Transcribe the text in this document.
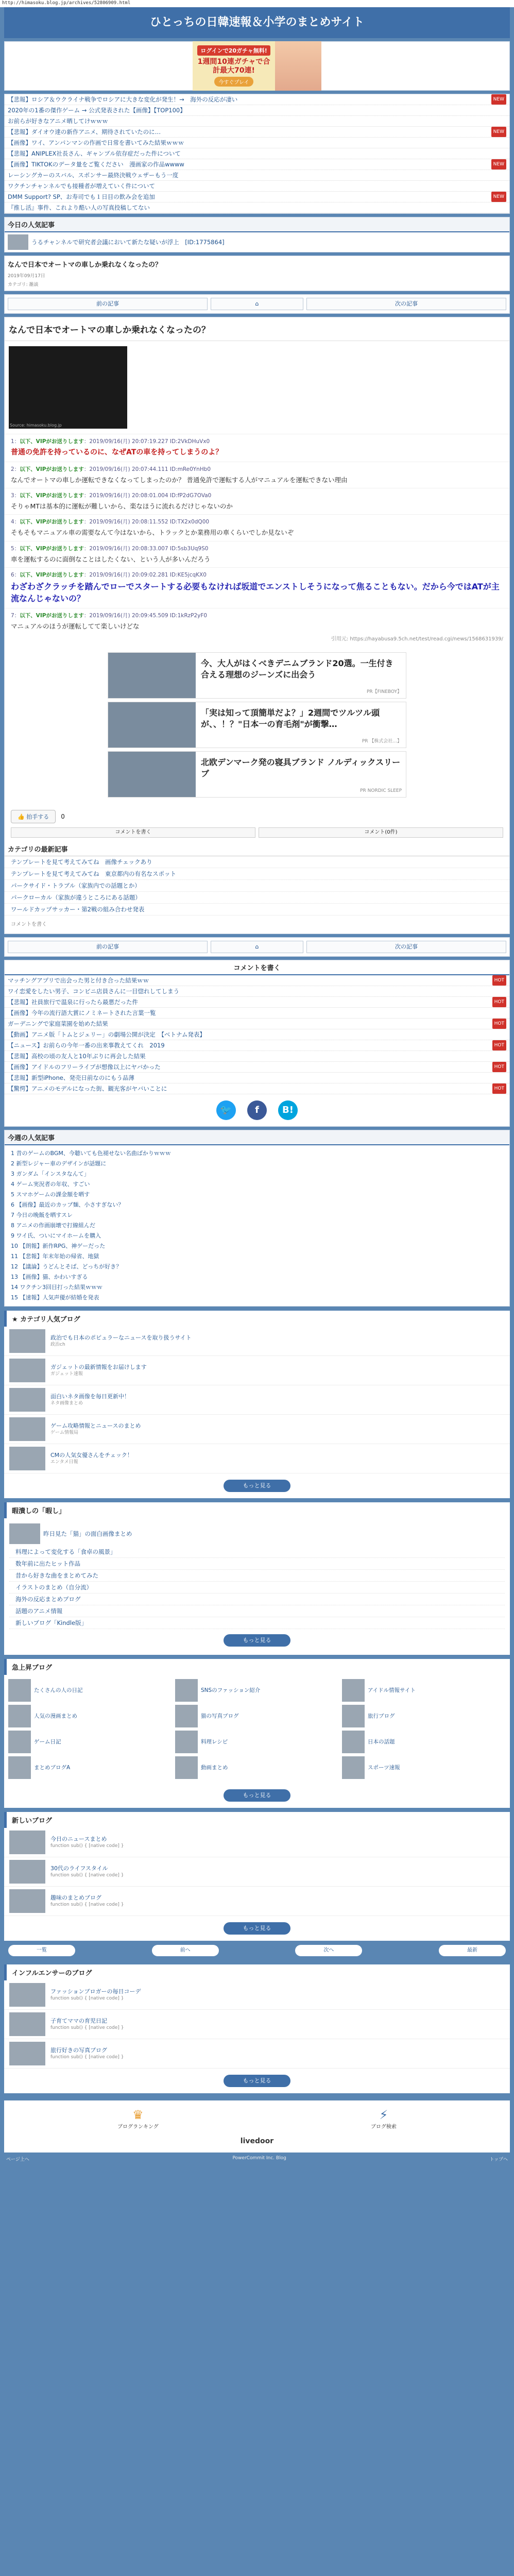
http://himasoku.blog.jp/archives/52806909.html
ひとっちの日韓速報＆小学のまとめサイト
ログインで20ガチャ無料!
1週間10連ガチャで合計最大70連!
今すぐプレイ
【悲報】ロシア＆ウクライナ戦争でロシアに大きな変化が発生！→　海外の反応が凄い	NEW
2020年の1番の傑作ゲーム → 公式発表された【画像】【TOP100】
お前らが好きなアニメ晒してけｗｗｗ
【悲報】ダイオウ達の新作アニメ、期待されていたのに…	NEW
【画像】ワイ、アンパンマンの作画で日常を書いてみた結果ｗｗｗ
【悲報】ANIPLEX社長さん、ギャンブル依存症だった件について
【画像】TIKTOKのデータ量をご覧ください　漫画家の作品wwww	NEW
レーシングカーのスバル、スポンサー最終決戦ウェザーもう一度
ワクチンチャンネルでも接種者が増えていく件について
DMM Support? SP、お寿司でも１日目の飲み会を追加	NEW
『推し活』事件、これより酷い人の写真投稿してない
今日の人気記事
うるチャンネルで研究者会議において新たな疑いが浮上　[ID:1775864]
なんで日本でオートマの車しか乗れなくなったの？
2019年09月17日
カテゴリ: 雑談
前の記事	⌂	次の記事
なんで日本でオートマの車しか乗れなくなったの？
Source: himasoku.blog.jp
1：以下、VIPがお送りします：2019/09/16(月) 20:07:19.227 ID:2VkDHuVx0
普通の免許を持っているのに、なぜATの車を持ってしまうのよ？
2：以下、VIPがお送りします：2019/09/16(月) 20:07:44.111 ID:mRe0YnHb0
なんでオートマの車しか運転できなくなってしまったのか？ 普通免許で運転する人がマニュアルを運転できない理由
3：以下、VIPがお送りします：2019/09/16(月) 20:08:01.004 ID:fP2dG7OVa0
そりゃMTは基本的に運転が難しいから、楽なほうに流れるだけじゃないのか
4：以下、VIPがお送りします：2019/09/16(月) 20:08:11.552 ID:TX2x0dQ00
そもそもマニュアル車の需要なんて今はないから、トラックとか業務用の車くらいでしか見ないぞ
5：以下、VIPがお送りします：2019/09/16(月) 20:08:33.007 ID:5sb3Uq9S0
車を運転するのに面倒なことはしたくない、という人が多いんだろう
6：以下、VIPがお送りします：2019/09/16(月) 20:09:02.281 ID:KE5jcqKX0
わざわざクラッチを踏んでローでスタートする必要もなければ坂道でエンストしそうになって焦ることもない。だから今ではATが主流なんじゃないの？
7：以下、VIPがお送りします：2019/09/16(月) 20:09:45.509 ID:1kRzP2yF0
マニュアルのほうが運転してて楽しいけどな
引用元: https://hayabusa9.5ch.net/test/read.cgi/news/1568631939/
今、大人がはくべきデニムブランド20選。一生付き合える理想のジーンズに出会う
PR【FINEBOY】
「実は知って頂簡単だよ？」2週間でツルツル頭が、、！？"日本一の育毛剤"が衝撃…
PR 【株式会社...】
北欧デンマーク発の寝具ブランド ノルディックスリーブ
PR NORDIC SLEEP
👍 拍手する	0
コメントを書く	コメント(0件)
カテゴリの最新記事
テンプレートを見て考えてみてね　画像チェックあり
テンプレートを見て考えてみてね　東京都内の有名なスポット
パークサイド・トラブル（家族内での話題とか）
パークローカル（家族が違うところにある話題）
ワールドカップサッカー・第2戦の組み合わせ発表
コメントを書く
前の記事	⌂	次の記事
コメントを書く
マッチングアプリで出会った男と付き合った結果ｗｗ	HOT
ワイ恋愛をしたい男子、コンビニ店員さんに一目惚れしてしまう
【悲報】社員旅行で温泉に行ったら最悪だった件	HOT
【画像】今年の流行語大賞にノミネートされた言葉一覧
ガーデニングで家庭菜園を始めた結果	HOT
【動画】アニメ版「トムとジェリー」の劇場公開が決定　【ベトナム発表】
【ニュース】お前らの今年一番の出来事教えてくれ　2019	HOT
【悲報】高校の頃の友人と10年ぶりに再会した結果
【画像】アイドルのフリーライブが想像以上にヤバかった	HOT
【悲報】新型iPhone、発売日前なのにもう品薄
【驚愕】アニメのモデルになった街、観光客がヤバいことに	HOT
🐦	f	B!
今週の人気記事
1 昔のゲームのBGM、今聴いても色褪せない名曲ばかりｗｗｗ
2 新型レジャー車のデザインが話題に
3 ガンダム「インスタなんて」
4 ゲーム実況者の年収、すごい
5 スマホゲームの課金額を晒す
6 【画像】最近のカップ麺、小さすぎない？
7 今日の晩飯を晒すスレ
8 アニメの作画崩壊で打線組んだ
9 ワイ氏、ついにマイホームを購入
10 【朗報】新作RPG、神ゲーだった
11 【悲報】年末年始の帰省、地獄
12 【議論】うどんとそば、どっちが好き？
13 【画像】猫、かわいすぎる
14 ワクチン3回目打った結果ｗｗｗ
15 【速報】人気声優が結婚を発表
★ カテゴリ人気ブログ
政治でも日本のポピュラーなニュースを取り扱うサイト
政治ch
ガジェットの最新情報をお届けします
ガジェット速報
面白いネタ画像を毎日更新中！
ネタ画像まとめ
ゲーム攻略情報とニュースのまとめ
ゲーム情報局
CMの人気女優さんをチェック！
エンタメ日報
もっと見る
暇潰しの「暇し」
昨日見た「猫」の面白画像まとめ
料理によって変化する「食卓の風景」
数年前に出たヒット作品
昔から好きな曲をまとめてみた
イラストのまとめ（自分流）
海外の反応まとめブログ
話題のアニメ情報
新しいブログ「Kindle版」
もっと見る
急上昇ブログ
たくさんの人の日記	SNSのファッション紹介	アイドル情報サイト
人気の漫画まとめ	猫の写真ブログ	旅行ブログ
ゲーム日記	料理レシピ	日本の話題
まとめブログA	動画まとめ	スポーツ速報
もっと見る
新しいブログ
今日のニュースまとめ
function sub() { [native code] }
30代のライフスタイル
function sub() { [native code] }
趣味のまとめブログ
function sub() { [native code] }
もっと見る
一覧	前へ	次へ	最新
インフルエンサーのブログ
ファッションブロガーの毎日コーデ
function sub() { [native code] }
子育てママの育児日記
function sub() { [native code] }
旅行好きの写真ブログ
function sub() { [native code] }
もっと見る
♛
ブログランキング
⚡
ブログ検索
livedoor
ページ上へ	PowerCommit Inc. Blog	トップへ
